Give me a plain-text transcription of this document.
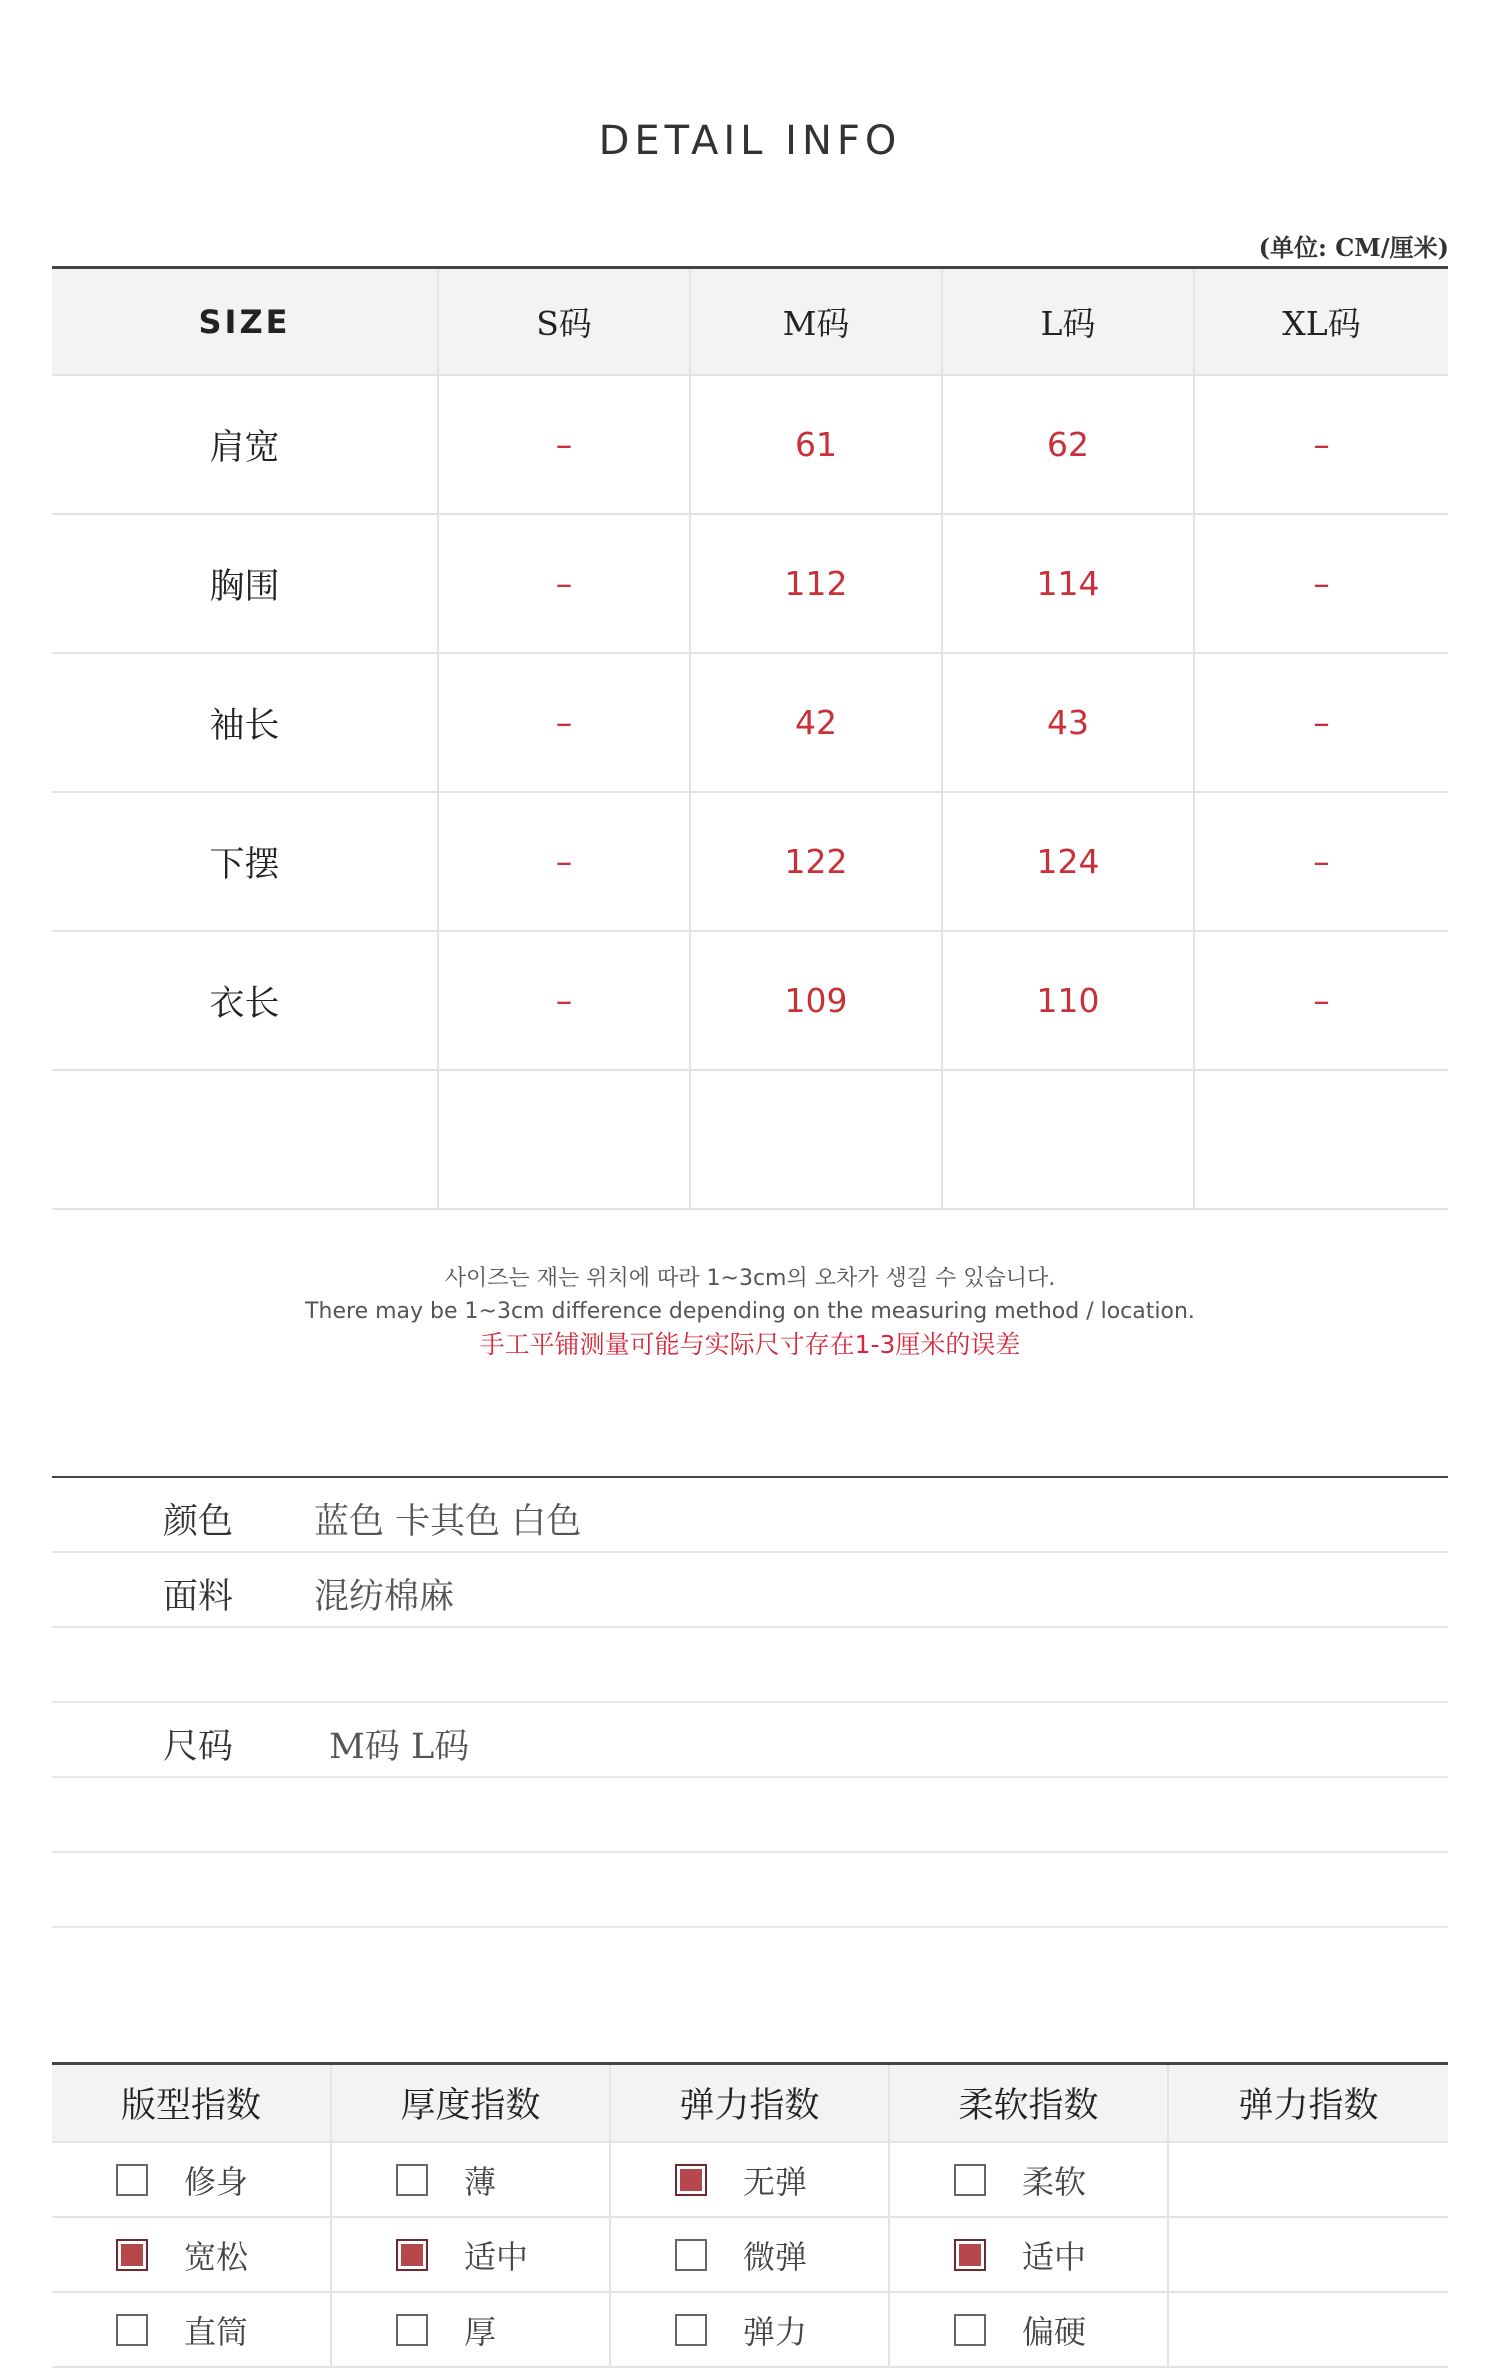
DETAIL INFO
(单位: CM/厘米)
SIZE	S码	M码	L码	XL码
肩宽	–	61	62	–
胸围	–	112	114	–
袖长	–	42	43	–
下摆	–	122	124	–
衣长	–	109	110	–

사이즈는 재는 위치에 따라 1~3cm의 오차가 생길 수 있습니다.
There may be 1~3cm difference depending on the measuring method / location.
手工平铺测量可能与实际尺寸存在1-3厘米的误差
颜色 蓝色 卡其色 白色
面料 混纺棉麻
尺码	M码 L码
版型指数	厚度指数	弹力指数	柔软指数	弹力指数

修身	薄	无弹	柔软	

宽松	适中	微弹	适中	

直筒	厚	弹力	偏硬	
